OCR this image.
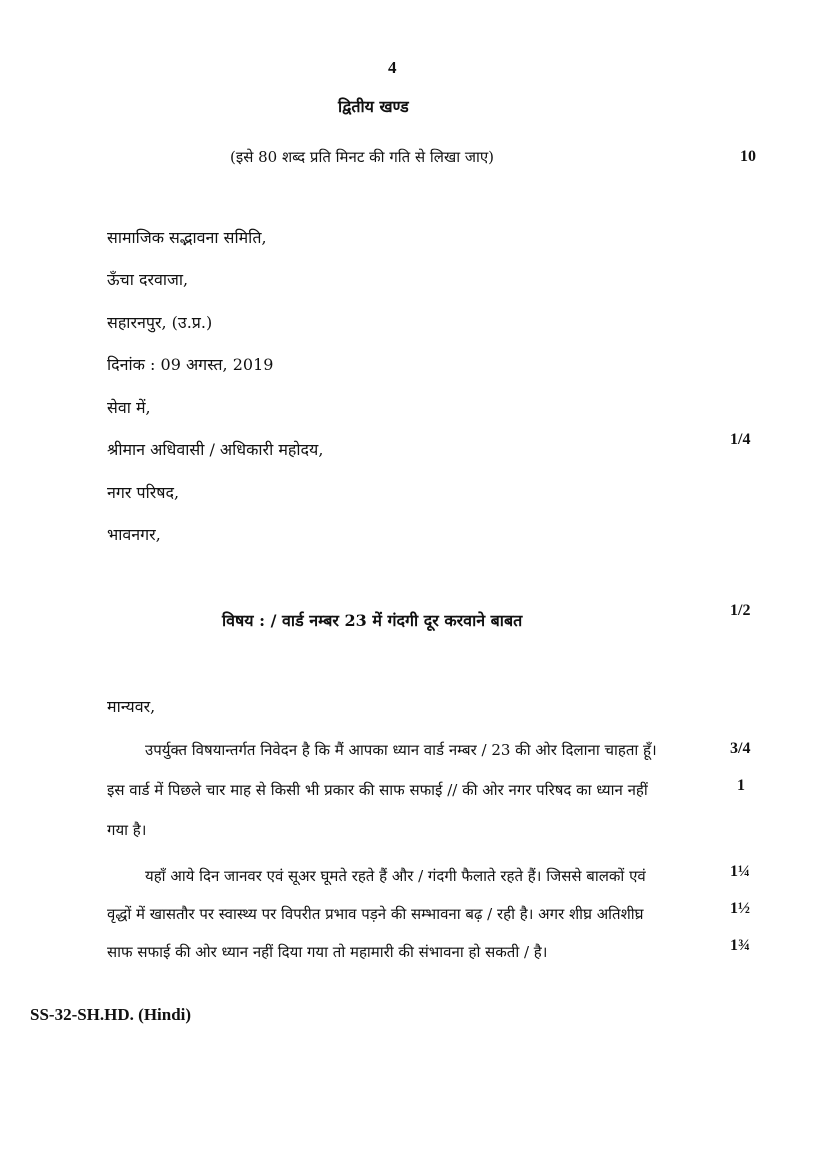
4
द्वितीय खण्ड
(इसे 80 शब्द प्रति मिनट की गति से लिखा जाए)	10
सामाजिक सद्भावना समिति,
ऊँचा दरवाजा,
सहारनपुर, (उ.प्र.)
दिनांक : 09 अगस्त, 2019
सेवा में,
श्रीमान अधिवासी / अधिकारी महोदय,
1/4
नगर परिषद,
भावनगर,
विषय : / वार्ड नम्बर 23 में गंदगी दूर करवाने बाबत
1/2
मान्यवर,
उपर्युक्त विषयान्तर्गत निवेदन है कि मैं आपका ध्यान वार्ड नम्बर / 23 की ओर दिलाना चाहता हूँ।	3/4
इस वार्ड में पिछले चार माह से किसी भी प्रकार की साफ सफाई // की ओर नगर परिषद का ध्यान नहीं	1
गया है।
यहाँ आये दिन जानवर एवं सूअर घूमते रहते हैं और / गंदगी फैलाते रहते हैं। जिससे बालकों एवं	1¼
वृद्धों में खासतौर पर स्वास्थ्य पर विपरीत प्रभाव पड़ने की सम्भावना बढ़ / रही है। अगर शीघ्र अतिशीघ्र	1½
साफ सफाई की ओर ध्यान नहीं दिया गया तो महामारी की संभावना हो सकती / है।	1¾
SS-32-SH.HD. (Hindi)
